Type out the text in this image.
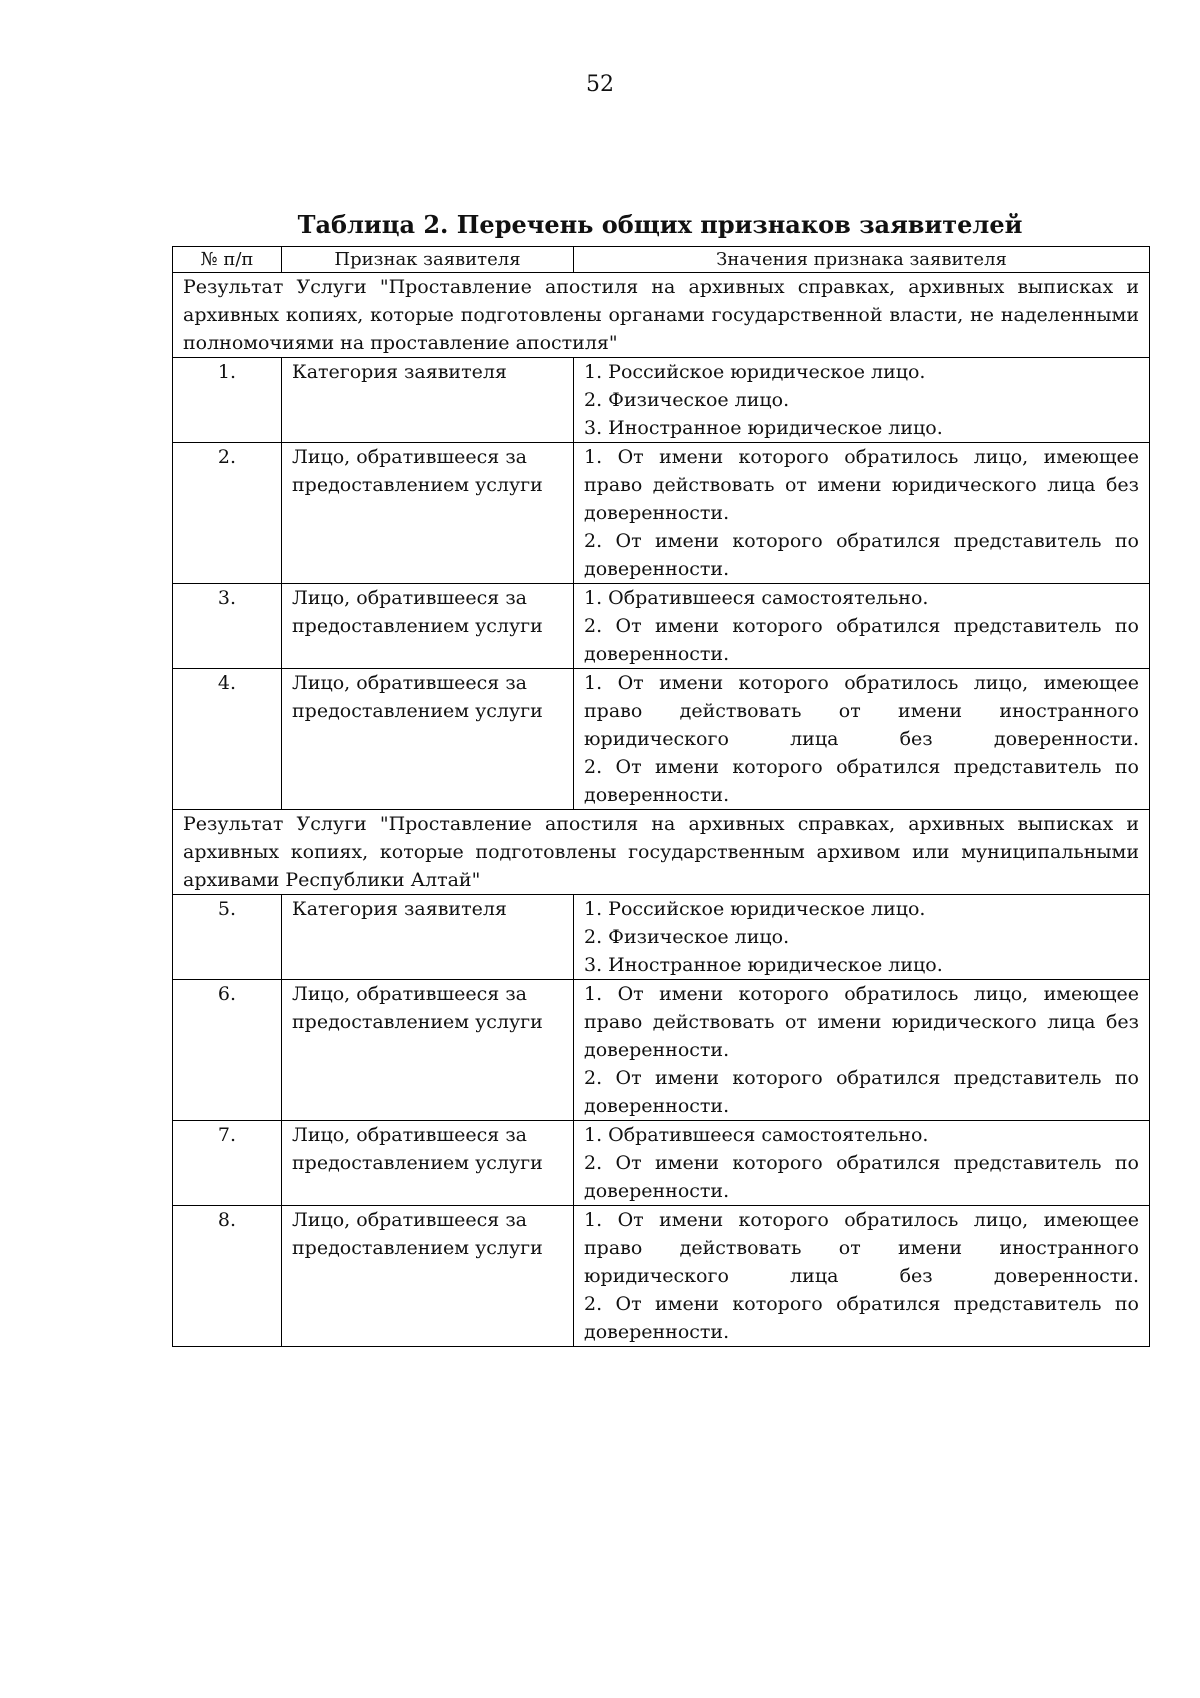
52
Таблица 2. Перечень общих признаков заявителей
№ п/п	Признак заявителя	Значения признака заявителя
Результат Услуги "Проставление апостиля на архивных справках, архивных выписках и архивных копиях, которые подготовлены органами государственной власти, не наделенными полномочиями на проставление апостиля"		
1.	Категория заявителя	1. Российское юридическое лицо.
2. Физическое лицо.
3. Иностранное юридическое лицо.

2.	Лицо, обратившееся за предоставлением услуги	1. От имени которого обратилось лицо, имеющее право действовать от имени юридического лица без доверенности.
2. От имени которого обратился представитель по доверенности.

3.	Лицо, обратившееся за предоставлением услуги	1. Обратившееся самостоятельно.
2. От имени которого обратился представитель по доверенности.

4.	Лицо, обратившееся за предоставлением услуги	1. От имени которого обратилось лицо, имеющее право действовать от имени иностранного юридического лица без доверенности.
2. От имени которого обратился представитель по доверенности.

Результат Услуги "Проставление апостиля на архивных справках, архивных выписках и архивных копиях, которые подготовлены государственным архивом или муниципальными архивами Республики Алтай"		
5.	Категория заявителя	1. Российское юридическое лицо.
2. Физическое лицо.
3. Иностранное юридическое лицо.

6.	Лицо, обратившееся за предоставлением услуги	1. От имени которого обратилось лицо, имеющее право действовать от имени юридического лица без доверенности.
2. От имени которого обратился представитель по доверенности.

7.	Лицо, обратившееся за предоставлением услуги	1. Обратившееся самостоятельно.
2. От имени которого обратился представитель по доверенности.

8.	Лицо, обратившееся за предоставлением услуги	1. От имени которого обратилось лицо, имеющее право действовать от имени иностранного юридического лица без доверенности.
2. От имени которого обратился представитель по доверенности.
